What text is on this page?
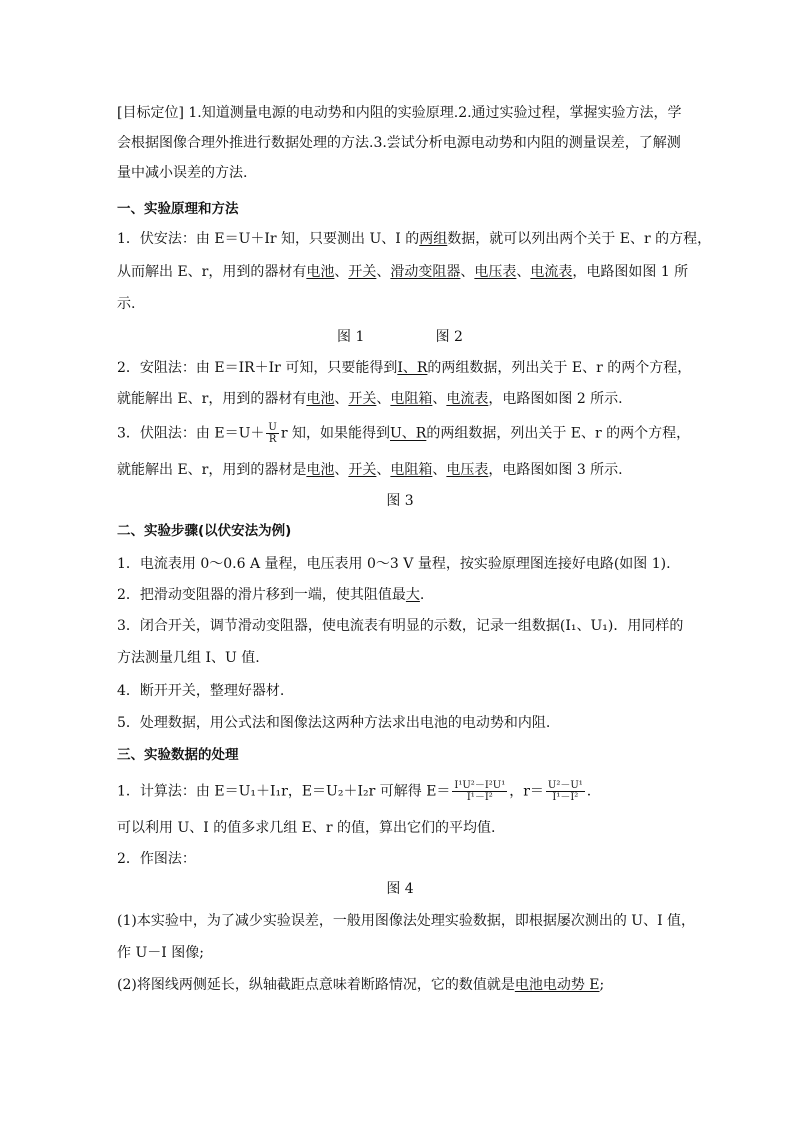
[目标定位] 1.知道测量电源的电动势和内阻的实验原理.2.通过实验过程，掌握实验方法，学
会根据图像合理外推进行数据处理的方法.3.尝试分析电源电动势和内阻的测量误差，了解测
量中减小误差的方法.
一、实验原理和方法
1．伏安法：由 E＝U＋Ir 知，只要测出 U、I 的两组数据，就可以列出两个关于 E、r 的方程，
从而解出 E、r，用到的器材有电池、开关、滑动变阻器、电压表、电流表，电路图如图 1 所
示.
图 1                图 2
2．安阻法：由 E＝IR＋Ir 可知，只要能得到I、R的两组数据，列出关于 E、r 的两个方程，
就能解出 E、r，用到的器材有电池、开关、电阻箱、电流表，电路图如图 2 所示.
3．伏阻法：由 $E=U+ \frac{U}{R}$ r 知，如果能得到U、R的两组数据，列出关于 E、r 的两个方程，
就能解出 E、r，用到的器材是电池、开关、电阻箱、电压表，电路图如图 3 所示.
图 3
二、实验步骤(以伏安法为例)
1．电流表用 0～0.6 A 量程，电压表用 0～3 V 量程，按实验原理图连接好电路(如图 1).
2．把滑动变阻器的滑片移到一端，使其阻值最大.
3．闭合开关，调节滑动变阻器，使电流表有明显的示数，记录一组数据(I₁、U₁)．用同样的
方法测量几组 I、U 值.
4．断开开关，整理好器材.
5．处理数据，用公式法和图像法这两种方法求出电池的电动势和内阻.
三、实验数据的处理
1．计算法：由 E＝U₁＋I₁r，E＝U₂＋I₂r 可解得 $E= \frac{\text{I¹U²－I²U¹}}{\text{I¹－I²}}$ ，$r= \frac{\text{U²－U¹}}{\text{I¹－I²}}$ .
可以利用 U、I 的值多求几组 E、r 的值，算出它们的平均值.
2．作图法：
图 4
(1)本实验中，为了减少实验误差，一般用图像法处理实验数据，即根据屡次测出的 U、I 值，
作 U－I 图像;
(2)将图线两侧延长，纵轴截距点意味着断路情况，它的数值就是电池电动势 E;
